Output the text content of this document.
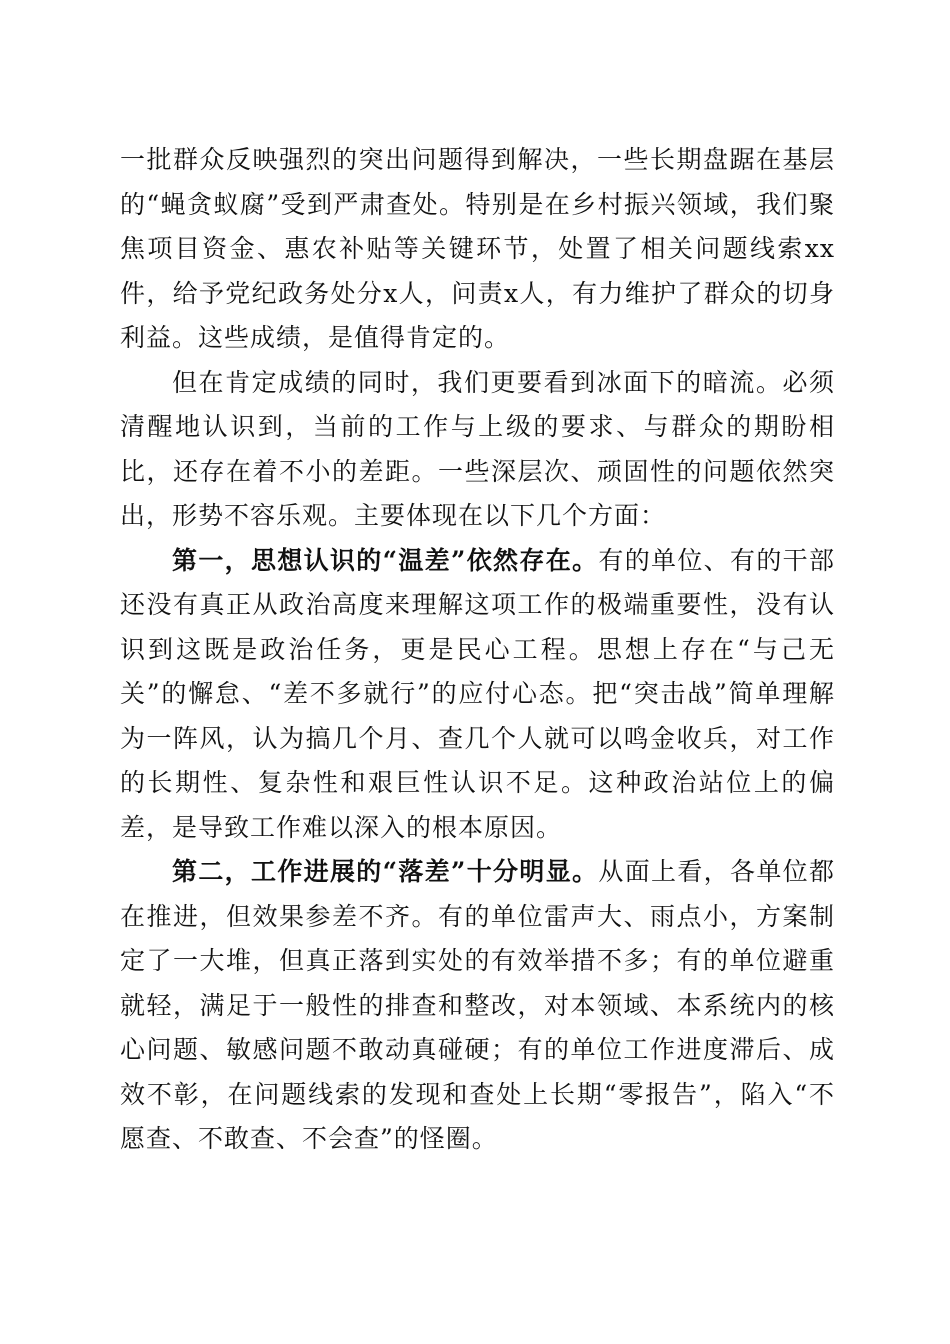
一批群众反映强烈的突出问题得到解决，一些长期盘踞在基层的“蝇贪蚁腐”受到严肃查处。特别是在乡村振兴领域，我们聚焦项目资金、惠农补贴等关键环节，处置了相关问题线索xx件，给予党纪政务处分x人，问责x人，有力维护了群众的切身利益。这些成绩，是值得肯定的。

但在肯定成绩的同时，我们更要看到冰面下的暗流。必须清醒地认识到，当前的工作与上级的要求、与群众的期盼相比，还存在着不小的差距。一些深层次、顽固性的问题依然突出，形势不容乐观。主要体现在以下几个方面：

第一，思想认识的“温差”依然存在。有的单位、有的干部还没有真正从政治高度来理解这项工作的极端重要性，没有认识到这既是政治任务，更是民心工程。思想上存在“与己无关”的懈怠、“差不多就行”的应付心态。把“突击战”简单理解为一阵风，认为搞几个月、查几个人就可以鸣金收兵，对工作的长期性、复杂性和艰巨性认识不足。这种政治站位上的偏差，是导致工作难以深入的根本原因。

第二，工作进展的“落差”十分明显。从面上看，各单位都在推进，但效果参差不齐。有的单位雷声大、雨点小，方案制定了一大堆，但真正落到实处的有效举措不多；有的单位避重就轻，满足于一般性的排查和整改，对本领域、本系统内的核心问题、敏感问题不敢动真碰硬；有的单位工作进度滞后、成效不彰，在问题线索的发现和查处上长期“零报告”，陷入“不愿查、不敢查、不会查”的怪圈。
